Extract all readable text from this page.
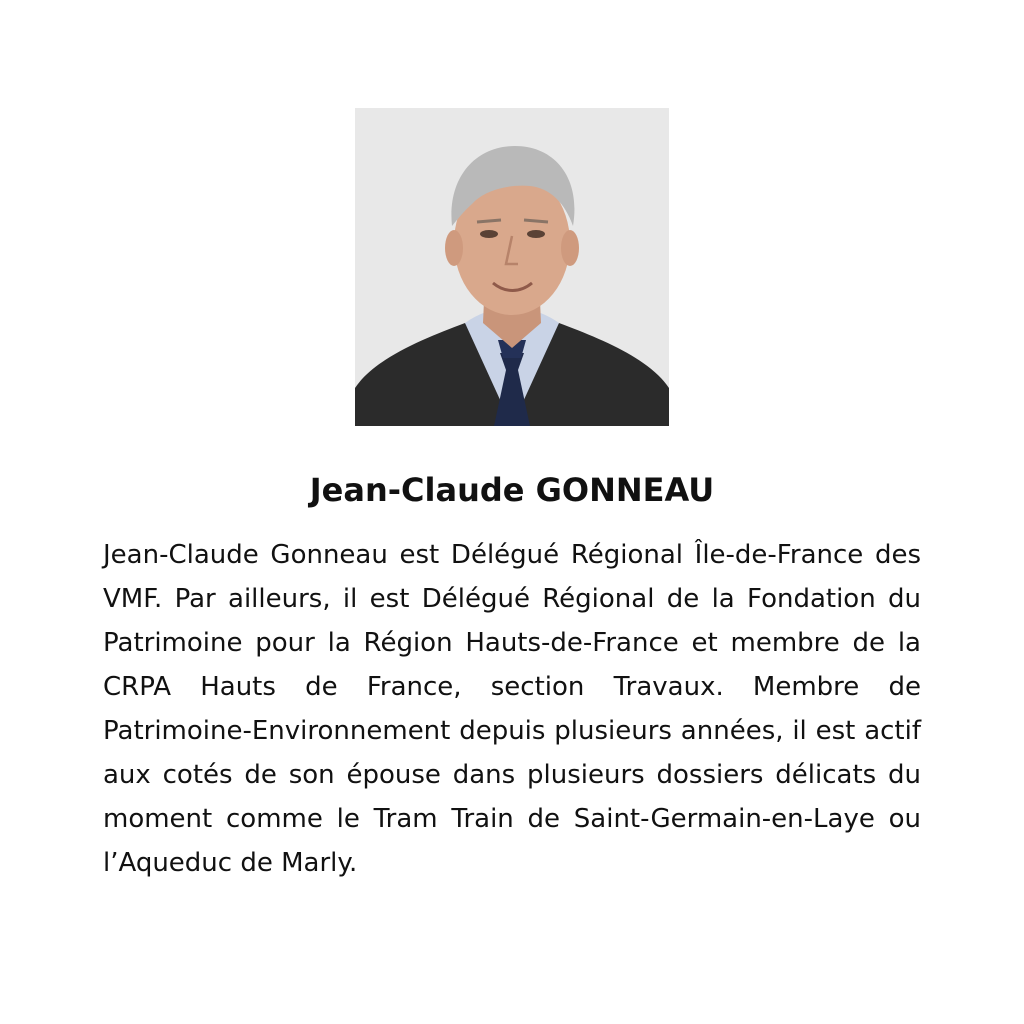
Jean-Claude GONNEAU
Jean-Claude Gonneau est Délégué Régional Île-de-France des VMF. Par ailleurs, il est Délégué Régional de la Fondation du Patrimoine pour la Région Hauts-de-France et membre de la CRPA Hauts de France, section Travaux. Membre de Patrimoine-Environnement depuis plusieurs années, il est actif aux cotés de son épouse dans plusieurs dossiers délicats du moment comme le Tram Train de Saint-Germain-en-Laye ou l’Aqueduc de Marly.
